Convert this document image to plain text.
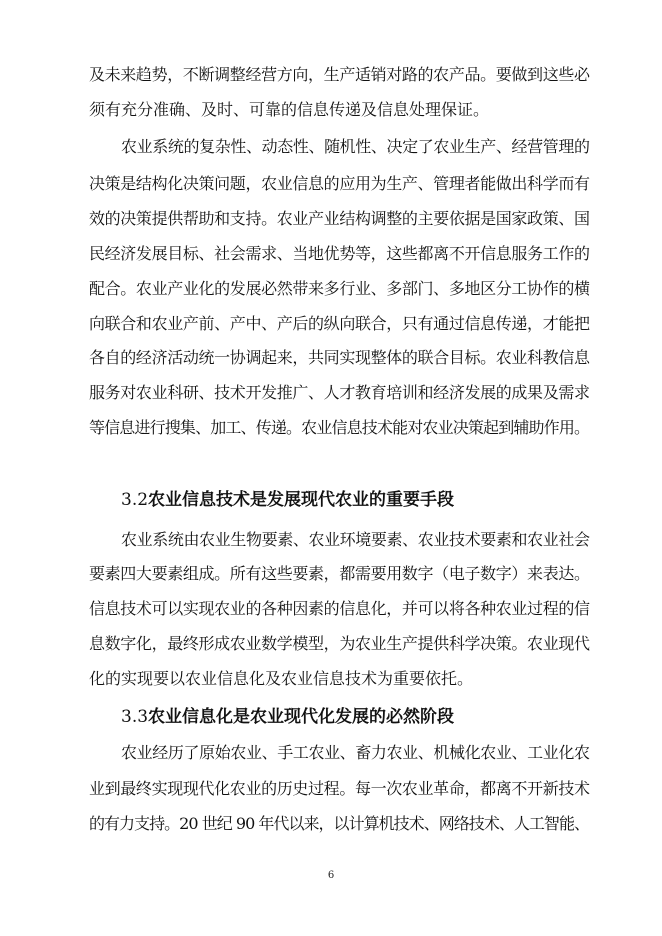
及未来趋势，不断调整经营方向，生产适销对路的农产品。要做到这些必
须有充分准确、及时、可靠的信息传递及信息处理保证。
农业系统的复杂性、动态性、随机性、决定了农业生产、经营管理的
决策是结构化决策问题，农业信息的应用为生产、管理者能做出科学而有
效的决策提供帮助和支持。农业产业结构调整的主要依据是国家政策、国
民经济发展目标、社会需求、当地优势等，这些都离不开信息服务工作的
配合。农业产业化的发展必然带来多行业、多部门、多地区分工协作的横
向联合和农业产前、产中、产后的纵向联合，只有通过信息传递，才能把
各自的经济活动统一协调起来，共同实现整体的联合目标。农业科教信息
服务对农业科研、技术开发推广、人才教育培训和经济发展的成果及需求
等信息进行搜集、加工、传递。农业信息技术能对农业决策起到辅助作用。
3.2农业信息技术是发展现代农业的重要手段
农业系统由农业生物要素、农业环境要素、农业技术要素和农业社会
要素四大要素组成。所有这些要素，都需要用数字（电子数字）来表达。
信息技术可以实现农业的各种因素的信息化，并可以将各种农业过程的信
息数字化，最终形成农业数学模型，为农业生产提供科学决策。农业现代
化的实现要以农业信息化及农业信息技术为重要依托。
3.3农业信息化是农业现代化发展的必然阶段
农业经历了原始农业、手工农业、畜力农业、机械化农业、工业化农
业到最终实现现代化农业的历史过程。每一次农业革命，都离不开新技术
的有力支持。20 世纪 90 年代以来，以计算机技术、网络技术、人工智能、
6
